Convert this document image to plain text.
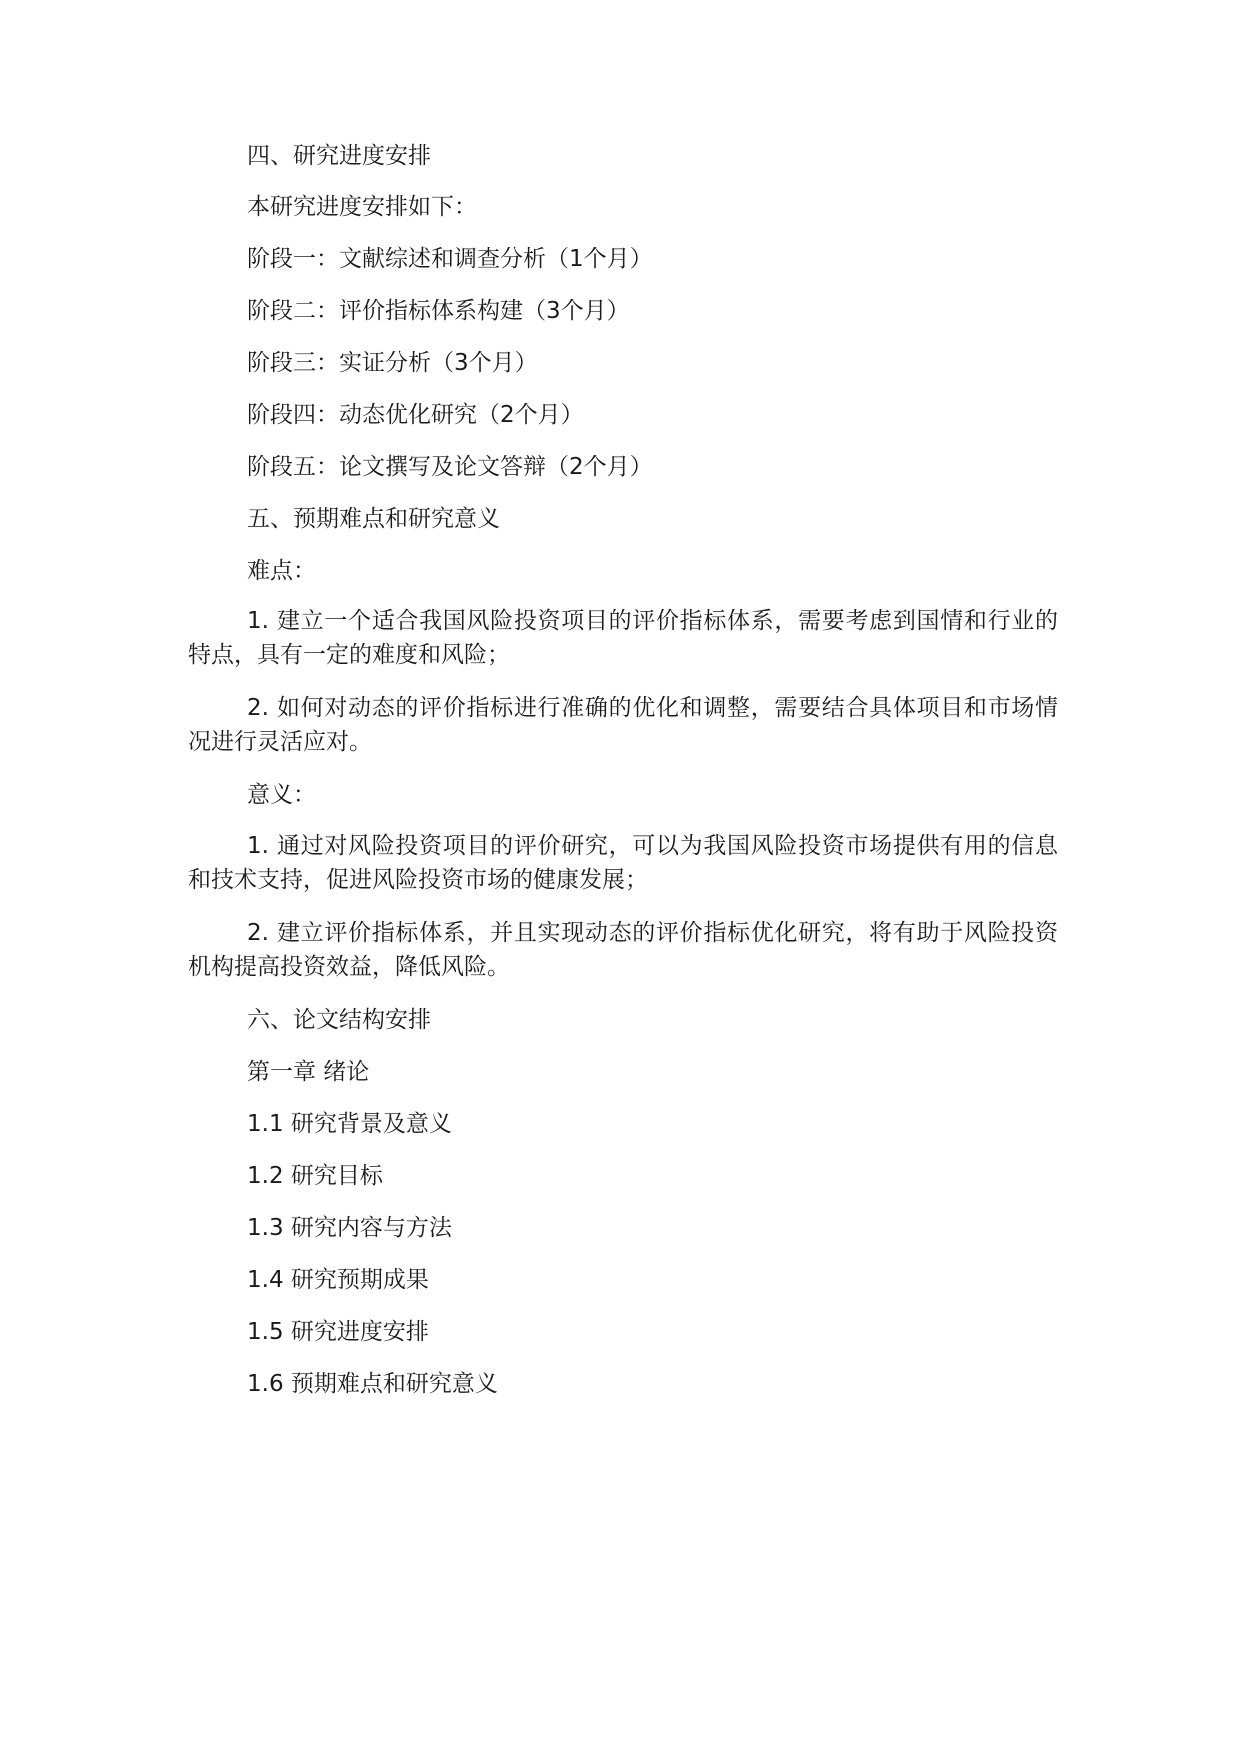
四、研究进度安排
本研究进度安排如下：
阶段一：文献综述和调查分析（1个月）
阶段二：评价指标体系构建（3个月）
阶段三：实证分析（3个月）
阶段四：动态优化研究（2个月）
阶段五：论文撰写及论文答辩（2个月）
五、预期难点和研究意义
难点：
1. 建立一个适合我国风险投资项目的评价指标体系，需要考虑到国情和行业的特点，具有一定的难度和风险；
2. 如何对动态的评价指标进行准确的优化和调整，需要结合具体项目和市场情况进行灵活应对。
意义：
1. 通过对风险投资项目的评价研究，可以为我国风险投资市场提供有用的信息和技术支持，促进风险投资市场的健康发展；
2. 建立评价指标体系，并且实现动态的评价指标优化研究，将有助于风险投资机构提高投资效益，降低风险。
六、论文结构安排
第一章 绪论
1.1 研究背景及意义
1.2 研究目标
1.3 研究内容与方法
1.4 研究预期成果
1.5 研究进度安排
1.6 预期难点和研究意义
